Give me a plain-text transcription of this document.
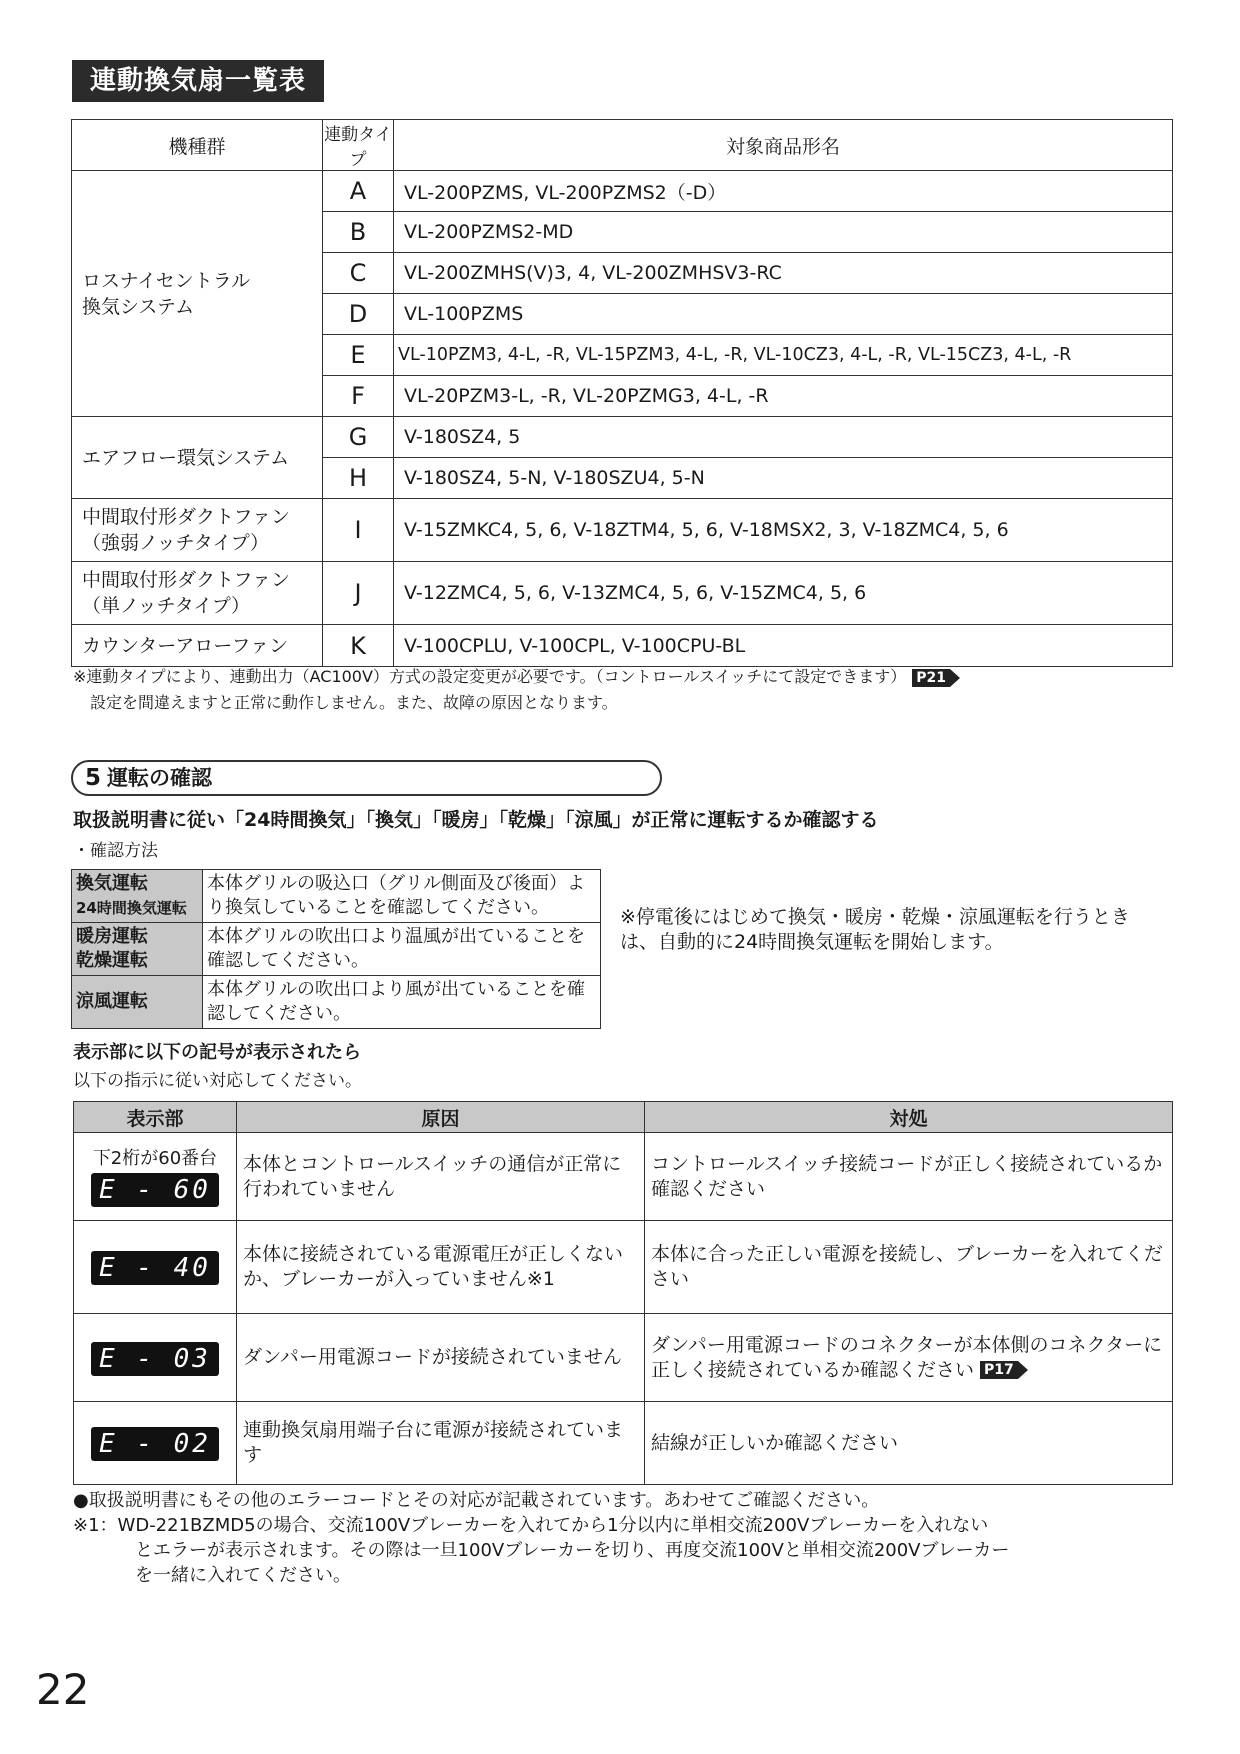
連動換気扇一覧表
機種群	連動タイプ	対象商品形名
ロスナイセントラル
換気システム	A	VL-200PZMS, VL-200PZMS2（-D）
	B	VL-200PZMS2-MD
	C	VL-200ZMHS(V)3, 4, VL-200ZMHSV3-RC
	D	VL-100PZMS
	E	VL-10PZM3, 4-L, -R, VL-15PZM3, 4-L, -R, VL-10CZ3, 4-L, -R, VL-15CZ3, 4-L, -R
	F	VL-20PZM3-L, -R, VL-20PZMG3, 4-L, -R
エアフロー環気システム	G	V-180SZ4, 5
	H	V-180SZ4, 5-N, V-180SZU4, 5-N
中間取付形ダクトファン
（強弱ノッチタイプ）	I	V-15ZMKC4, 5, 6, V-18ZTM4, 5, 6, V-18MSX2, 3, V-18ZMC4, 5, 6
中間取付形ダクトファン
（単ノッチタイプ）	J	V-12ZMC4, 5, 6, V-13ZMC4, 5, 6, V-15ZMC4, 5, 6
カウンターアローファン	K	V-100CPLU, V-100CPL, V-100CPU-BL
※連動タイプにより、連動出力（AC100V）方式の設定変更が必要です。（コントロールスイッチにて設定できます） P21
設定を間違えますと正常に動作しません。また、故障の原因となります。
5 運転の確認
取扱説明書に従い「24時間換気」「換気」「暖房」「乾燥」「涼風」が正常に運転するか確認する
・確認方法
換気運転
24時間換気運転	本体グリルの吸込口（グリル側面及び後面）より換気していることを確認してください。

暖房運転
乾燥運転	本体グリルの吹出口より温風が出ていることを確認してください。

涼風運転	本体グリルの吹出口より風が出ていることを確認してください。
※停電後にはじめて換気・暖房・乾燥・涼風運転を行うときは、自動的に24時間換気運転を開始します。
表示部に以下の記号が表示されたら
以下の指示に従い対応してください。
表示部	原因	対処

下2桁が60番台
E - 60	本体とコントロールスイッチの通信が正常に行われていません	コントロールスイッチ接続コードが正しく接続されているか確認ください
E - 40	本体に接続されている電源電圧が正しくないか、ブレーカーが入っていません※1	本体に合った正しい電源を接続し、ブレーカーを入れてください
E - 03	ダンパー用電源コードが接続されていません	ダンパー用電源コードのコネクターが本体側のコネクターに正しく接続されているか確認ください P17
E - 02	連動換気扇用端子台に電源が接続されています	結線が正しいか確認ください
●取扱説明書にもその他のエラーコードとその対応が記載されています。あわせてご確認ください。
※1：WD-221BZMD5の場合、交流100Vブレーカーを入れてから1分以内に単相交流200Vブレーカーを入れない
とエラーが表示されます。その際は一旦100Vブレーカーを切り、再度交流100Vと単相交流200Vブレーカー
を一緒に入れてください。
22
